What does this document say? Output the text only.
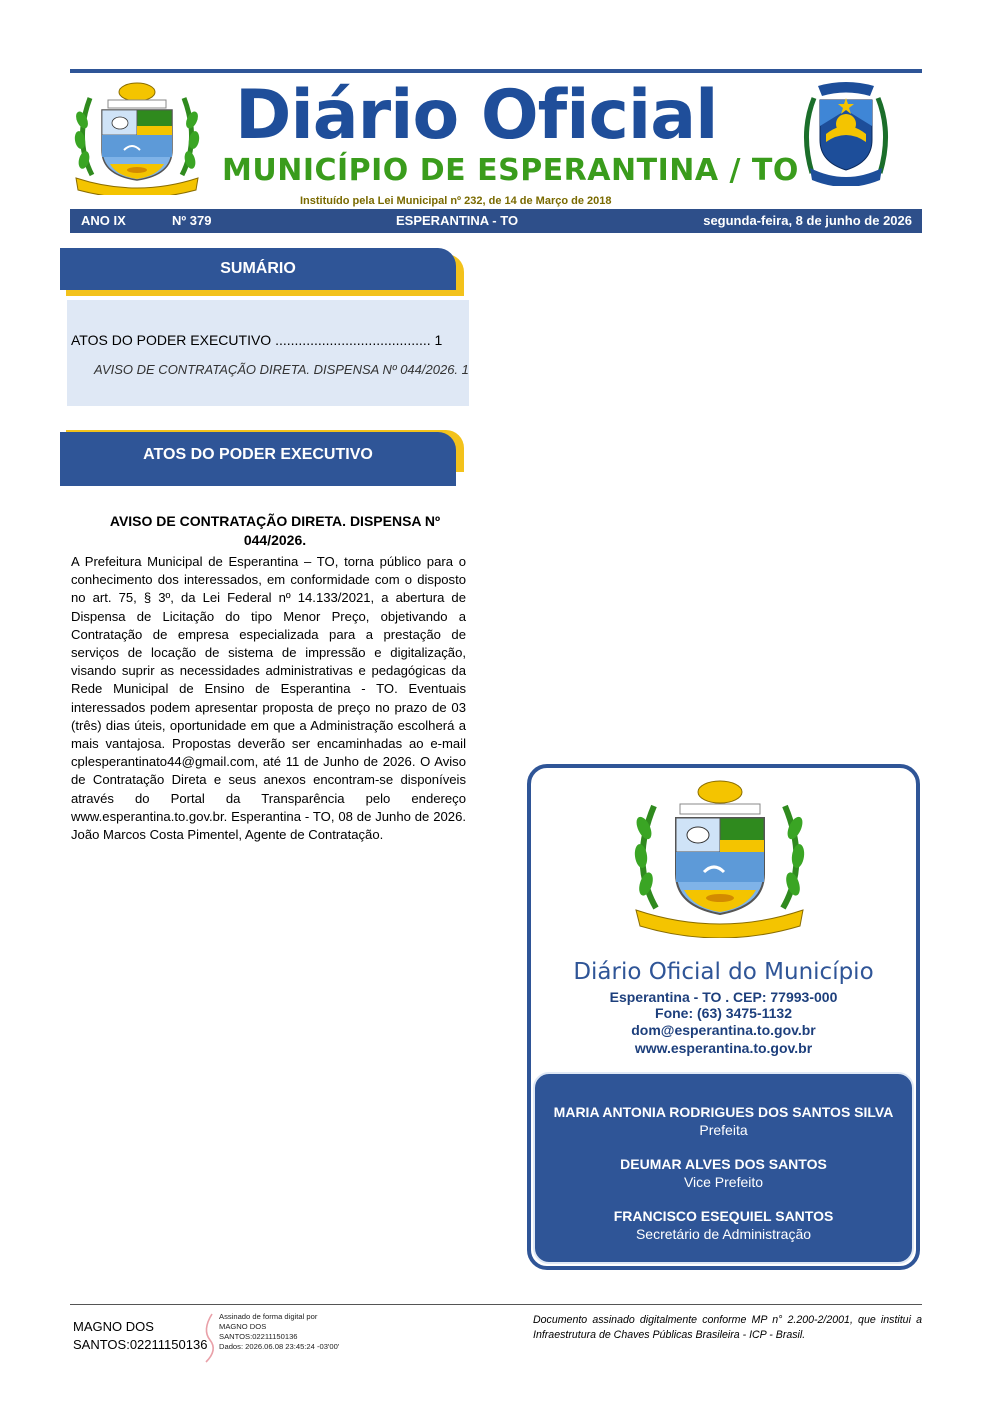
Diário Oficial
MUNICÍPIO DE ESPERANTINA / TO
Instituído pela Lei Municipal nº 232, de 14 de Março de 2018
ANO IX	Nº 379	ESPERANTINA - TO	segunda-feira, 8 de junho de 2026
SUMÁRIO
ATOS DO PODER EXECUTIVO ........................................ 1
AVISO DE CONTRATAÇÃO DIRETA. DISPENSA Nº 044/2026. 1
ATOS DO PODER EXECUTIVO
AVISO DE CONTRATAÇÃO DIRETA. DISPENSA Nº 044/2026.
A Prefeitura Municipal de Esperantina – TO, torna público para o conhecimento dos interessados, em conformidade com o disposto no art. 75, § 3º, da Lei Federal nº 14.133/2021, a abertura de Dispensa de Licitação do tipo Menor Preço, objetivando a Contratação de empresa especializada para a prestação de serviços de locação de sistema de impressão e digitalização, visando suprir as necessidades administrativas e pedagógicas da Rede Municipal de Ensino de Esperantina - TO. Eventuais interessados podem apresentar proposta de preço no prazo de 03 (três) dias úteis, oportunidade em que a Administração escolherá a mais vantajosa. Propostas deverão ser encaminhadas ao e-mail cplesperantinato44@gmail.com, até 11 de Junho de 2026. O Aviso de Contratação Direta e seus anexos encontram-se disponíveis através do Portal da Transparência pelo endereço www.esperantina.to.gov.br. Esperantina - TO, 08 de Junho de 2026. João Marcos Costa Pimentel, Agente de Contratação.
Diário Oficial do Município
Esperantina - TO . CEP: 77993-000
Fone: (63) 3475-1132
dom@esperantina.to.gov.br
www.esperantina.to.gov.br
MARIA ANTONIA RODRIGUES DOS SANTOS SILVA
Prefeita
DEUMAR ALVES DOS SANTOS
Vice Prefeito
FRANCISCO ESEQUIEL SANTOS
Secretário de Administração
MAGNO DOS
SANTOS:02211150136
Assinado de forma digital por
MAGNO DOS
SANTOS:02211150136
Dados: 2026.06.08 23:45:24 -03'00'
Documento assinado digitalmente conforme MP n° 2.200-2/2001, que institui a Infraestrutura de Chaves Públicas Brasileira - ICP - Brasil.
